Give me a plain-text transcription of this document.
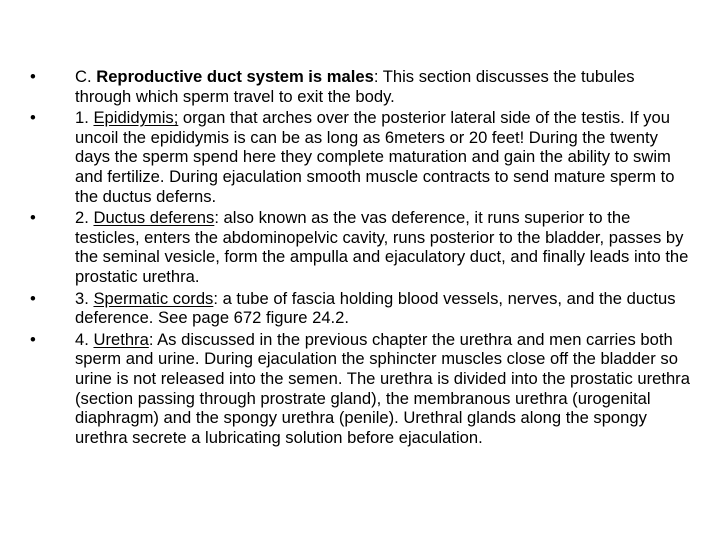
•	C. Reproductive duct system is males: This section discusses the tubules through which sperm travel to exit the body.
•	1. Epididymis; organ that arches over the posterior lateral side of the testis. If you uncoil the epididymis is can be as long as 6meters or 20 feet! During the twenty days the sperm spend here they complete maturation and gain the ability to swim and fertilize. During ejaculation smooth muscle contracts to send mature sperm to the ductus deferns.
•	2. Ductus deferens: also known as the vas deference, it runs superior to the testicles, enters the abdominopelvic cavity, runs posterior to the bladder, passes by the seminal vesicle, form the ampulla and ejaculatory duct, and finally leads into the prostatic urethra.
•	3. Spermatic cords: a tube of fascia holding blood vessels, nerves, and the ductus deference. See page 672 figure 24.2.
•	4. Urethra: As discussed in the previous chapter the urethra and men carries both sperm and urine. During ejaculation the sphincter muscles close off the bladder so urine is not released into the semen. The urethra is divided into the prostatic urethra (section passing through prostrate gland), the membranous urethra (urogenital diaphragm) and the spongy urethra (penile). Urethral glands along the spongy urethra secrete a lubricating solution before ejaculation.
